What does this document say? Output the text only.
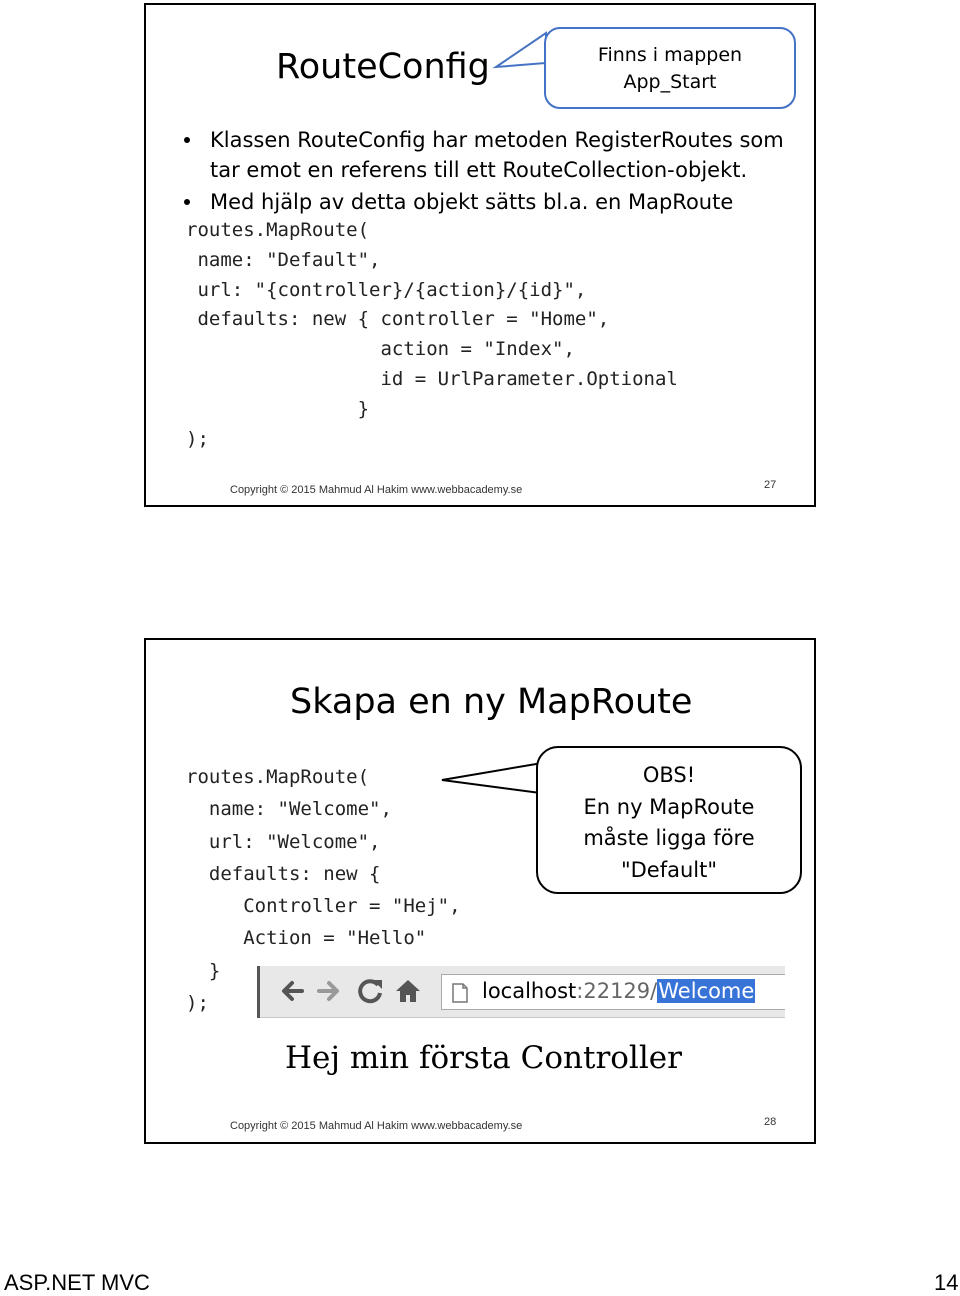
RouteConfig	Finns i mappen
App_Start
Klassen RouteConfig har metoden RegisterRoutes som tar emot en referens till ett RouteCollection-objekt.
Med hjälp av detta objekt sätts bl.a. en MapRoute
routes.MapRoute(
name: "Default",
url: "{controller}/{action}/{id}",
defaults: new { controller = "Home",
action = "Index",
id = UrlParameter.Optional
}
);
Copyright © 2015 Mahmud Al Hakim www.webbacademy.se	27
Skapa en ny MapRoute
routes.MapRoute(
name: "Welcome",
url: "Welcome",
defaults: new {
Controller = "Hej",
Action = "Hello"
}
);
OBS!
En ny MapRoute
måste ligga före
"Default"
localhost:22129/Welcome
Hej min första Controller
Copyright © 2015 Mahmud Al Hakim www.webbacademy.se	28
ASP.NET MVC	14
